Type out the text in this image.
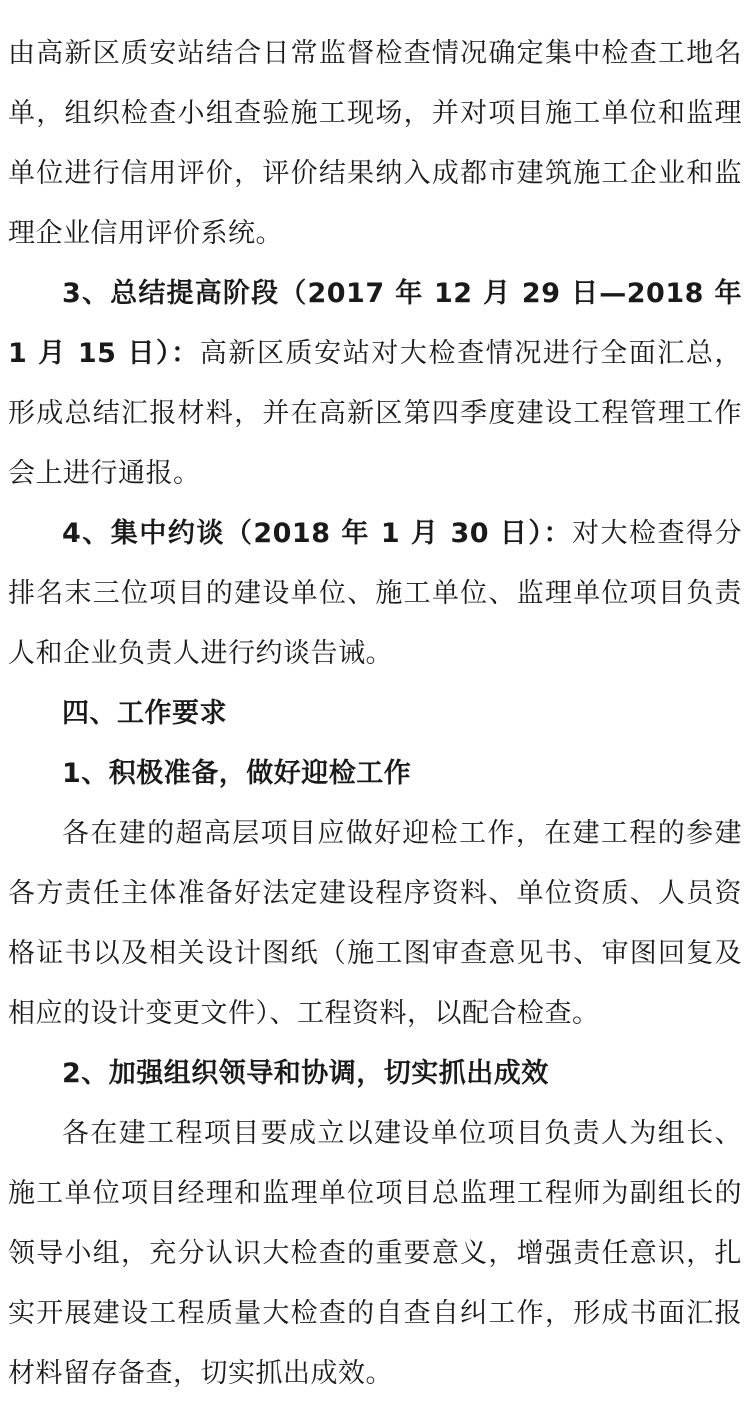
由高新区质安站结合日常监督检查情况确定集中检查工地名单，组织检查小组查验施工现场，并对项目施工单位和监理单位进行信用评价，评价结果纳入成都市建筑施工企业和监理企业信用评价系统。

3、总结提高阶段（2017 年 12 月 29 日—2018 年 1 月 15 日）：高新区质安站对大检查情况进行全面汇总，形成总结汇报材料，并在高新区第四季度建设工程管理工作会上进行通报。

4、集中约谈（2018 年 1 月 30 日）：对大检查得分排名末三位项目的建设单位、施工单位、监理单位项目负责人和企业负责人进行约谈告诫。

四、工作要求

1、积极准备，做好迎检工作

各在建的超高层项目应做好迎检工作，在建工程的参建各方责任主体准备好法定建设程序资料、单位资质、人员资格证书以及相关设计图纸（施工图审查意见书、审图回复及相应的设计变更文件）、工程资料，以配合检查。

2、加强组织领导和协调，切实抓出成效

各在建工程项目要成立以建设单位项目负责人为组长、施工单位项目经理和监理单位项目总监理工程师为副组长的领导小组，充分认识大检查的重要意义，增强责任意识，扎实开展建设工程质量大检查的自查自纠工作，形成书面汇报材料留存备查，切实抓出成效。
